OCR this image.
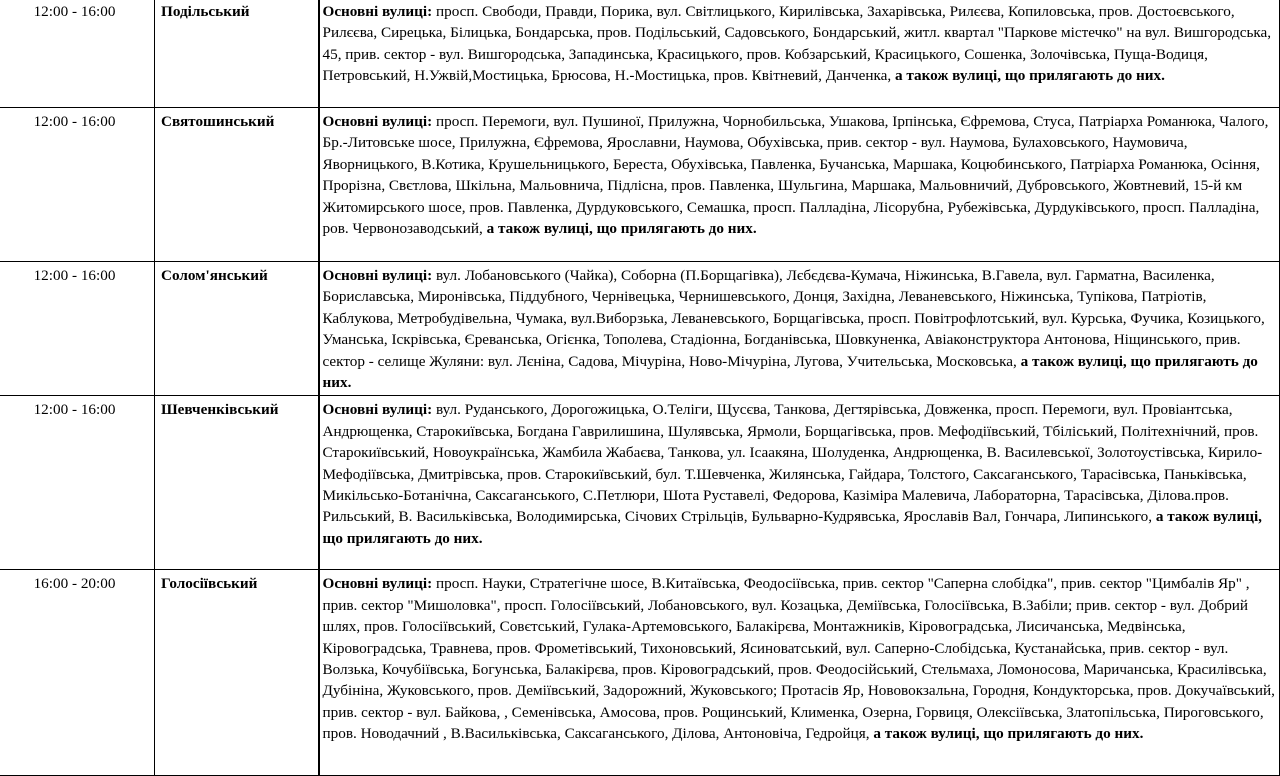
12:00 - 16:00	Подільський	Основні вулиці: просп. Свободи, Правди, Порика, вул. Світлицького, Кирилівська, Захарівська, Рилєєва, Копиловська, пров. Достоєвського, Рилєєва, Сирецька, Білицька, Бондарська, пров. Подільський, Садовського, Бондарський, житл. квартал "Паркове містечко" на вул. Вишгородська, 45, прив. сектор - вул. Вишгородська, Западинська, Красицького, пров. Кобзарський, Красицького, Сошенка, Золочівська, Пуща-Водиця, Петровський, Н.Ужвій,Мостицька, Брюсова, Н.-Мостицька, пров. Квітневий, Данченка, а також вулиці, що прилягають до них.
12:00 - 16:00	Святошинський	Основні вулиці: просп. Перемоги, вул. Пушиної, Прилужна, Чорнобильська, Ушакова, Ірпінська, Єфремова, Стуса, Патріарха Романюка, Чалого, Бр.-Литовське шосе, Прилужна, Єфремова, Ярославни, Наумова, Обухівська, прив. сектор - вул. Наумова, Булаховського, Наумовича, Яворницького, В.Котика, Крушельницького, Береста, Обухівська, Павленка, Бучанська, Маршака, Коцюбинського, Патріарха Романюка, Осіння, Прорізна, Свєтлова, Шкільна, Мальовнича, Підлісна, пров. Павленка, Шульгина, Маршака, Мальовничий, Дубровського, Жовтневий, 15-й км Житомирського шосе, пров. Павленка, Дурдуковського, Семашка, просп. Палладіна, Лісорубна, Рубежівська, Дурдуківського, просп. Палладіна, ров. Червонозаводський, а також вулиці, що прилягають до них.
12:00 - 16:00	Солом'янський	Основні вулиці: вул. Лобановського (Чайка), Соборна (П.Борщагівка), Лєбєдєва-Кумача, Ніжинська, В.Гавела, вул. Гарматна, Василенка, Бориславська, Миронівська, Піддубного, Чернівецька, Чернишевського, Донця, Західна, Леваневського, Ніжинська, Тупікова, Патріотів, Каблукова, Метробудівельна, Чумака, вул.Виборзька, Леваневського, Борщагівська, просп. Повітрофлотський, вул. Курська, Фучика, Козицького, Уманська, Іскрівська, Єреванська, Огієнка, Тополева, Стадіонна, Богданівська, Шовкуненка, Авіаконструктора Антонова, Ніщинського, прив. сектор - селище Жуляни: вул. Лєніна, Садова, Мічуріна, Ново-Мічуріна, Лугова, Учительська, Московська, а також вулиці, що прилягають до них.
12:00 - 16:00	Шевченківський	Основні вулиці: вул. Руданського, Дорогожицька, О.Теліги, Щусєва, Танкова, Дегтярівська, Довженка, просп. Перемоги, вул. Провіантська, Андрющенка, Старокиївська, Богдана Гаврилишина, Шулявська, Ярмоли, Борщагівська, пров. Мефодіївський, Тбіліський, Політехнічний, пров. Старокиївський, Новоукраїнська, Жамбила Жабаєва, Танкова, ул. Ісаакяна, Шолуденка, Андрющенка, В. Василевської, Золотоустівська, Кирило-Мефодіївська, Дмитрівська, пров. Старокиївський, бул. Т.Шевченка, Жилянська, Гайдара, Толстого, Саксаганського, Тарасівська, Паньківська, Микільсько-Ботанічна, Саксаганського, С.Петлюри, Шота Руставелі, Федорова, Казіміра Малевича, Лабораторна, Тарасівська, Ділова.пров. Рильський, В. Васильківська, Володимирська, Січових Стрільців, Бульварно-Кудрявська, Ярославів Вал, Гончара, Липинського, а також вулиці, що прилягають до них.
16:00 - 20:00	Голосіївський	Основні вулиці: просп. Науки, Стратегічне шосе, В.Китаївська, Феодосіївська, прив. сектор "Саперна слобідка", прив. сектор "Цимбалів Яр" , прив. сектор "Мишоловка", просп. Голосіївський, Лобановського, вул. Козацька, Деміївська, Голосіївська, В.Забіли; прив. сектор - вул. Добрий шлях, пров. Голосіївський, Совєтський, Гулака-Артемовського, Балакірєва, Монтажників, Кіровоградська, Лисичанська, Медвінська, Кіровоградська, Травнева, пров. Фрометівський, Тихоновський, Ясиноватський, вул. Саперно-Слобідська, Кустанайська, прив. сектор - вул. Волзька, Кочубіївська, Богунська, Балакірєва, пров. Кіровоградський, пров. Феодосійський, Стельмаха, Ломоносова, Маричанська, Красилівська, Дубініна, Жуковського, пров. Деміївський, Задорожний, Жуковського; Протасів Яр, Нововокзальна, Городня, Кондукторська, пров. Докучаївський, прив. сектор - вул. Байкова, , Семенівська, Амосова, пров. Рощинський, Клименка, Озерна, Горвиця, Олексіївська, Златопільська, Пироговського, пров. Новодачний , В.Васильківська, Саксаганського, Ділова, Антоновіча, Гедройця, а також вулиці, що прилягають до них.
